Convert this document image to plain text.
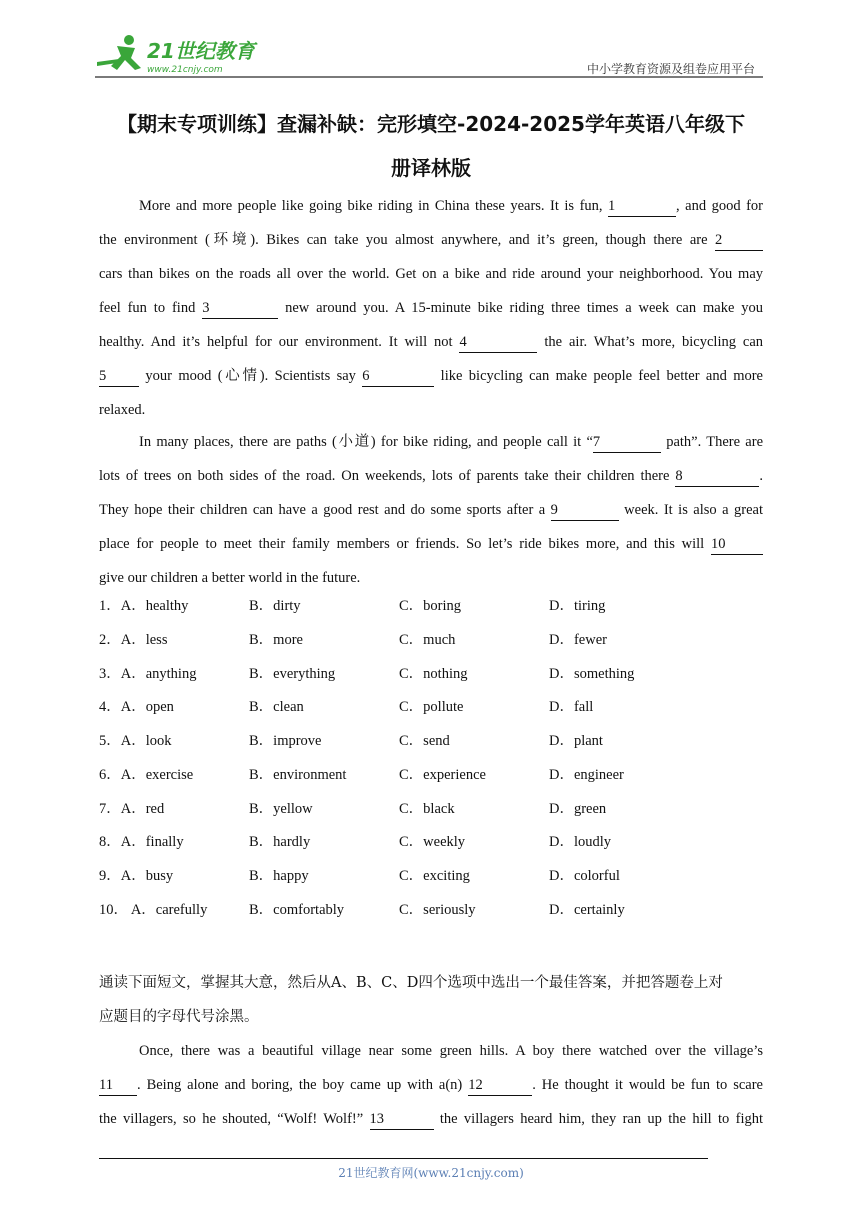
21世纪教育
www.21cnjy.com	中小学教育资源及组卷应用平台
【期末专项训练】查漏补缺：完形填空-2024-2025学年英语八年级下
册译林版
More and more people like going bike riding in China these years. It is fun, 1	, and good for
the environment (环境). Bikes can take you almost anywhere, and it’s green, though there are 2
cars than bikes on the roads all over the world. Get on a bike and ride around your neighborhood. You may
feel fun to find 3	new around you. A 15-minute bike riding three times a week can make you
healthy. And it’s helpful for our environment. It will not 4	the air. What’s more, bicycling can
5	your mood (心情). Scientists say 6	like bicycling can make people feel better and more
relaxed.
In many places, there are paths (小道) for bike riding, and people call it “7	path”. There are
lots of trees on both sides of the road. On weekends, lots of parents take their children there 8	.
They hope their children can have a good rest and do some sports after a 9	week. It is also a great
place for people to meet their family members or friends. So let’s ride bikes more, and this will 10
give our children a better world in the future.
1．A．healthy	B．dirty	C．boring	D．tiring
2．A．less	B．more	C．much	D．fewer
3．A．anything	B．everything	C．nothing	D．something
4．A．open	B．clean	C．pollute	D．fall
5．A．look	B．improve	C．send	D．plant
6．A．exercise	B．environment	C．experience	D．engineer
7．A．red	B．yellow	C．black	D．green
8．A．finally	B．hardly	C．weekly	D．loudly
9．A．busy	B．happy	C．exciting	D．colorful
10． A．carefully	B．comfortably	C．seriously	D．certainly
通读下面短文，掌握其大意，然后从A、B、C、D四个选项中选出一个最佳答案，并把答题卷上对
应题目的字母代号涂黑。
Once, there was a beautiful village near some green hills. A boy there watched over the village’s
11 . Being alone and boring, the boy came up with a(n) 12	. He thought it would be fun to scare
the villagers, so he shouted, “Wolf! Wolf!” 13	the villagers heard him, they ran up the hill to fight
21世纪教育网(www.21cnjy.com)
